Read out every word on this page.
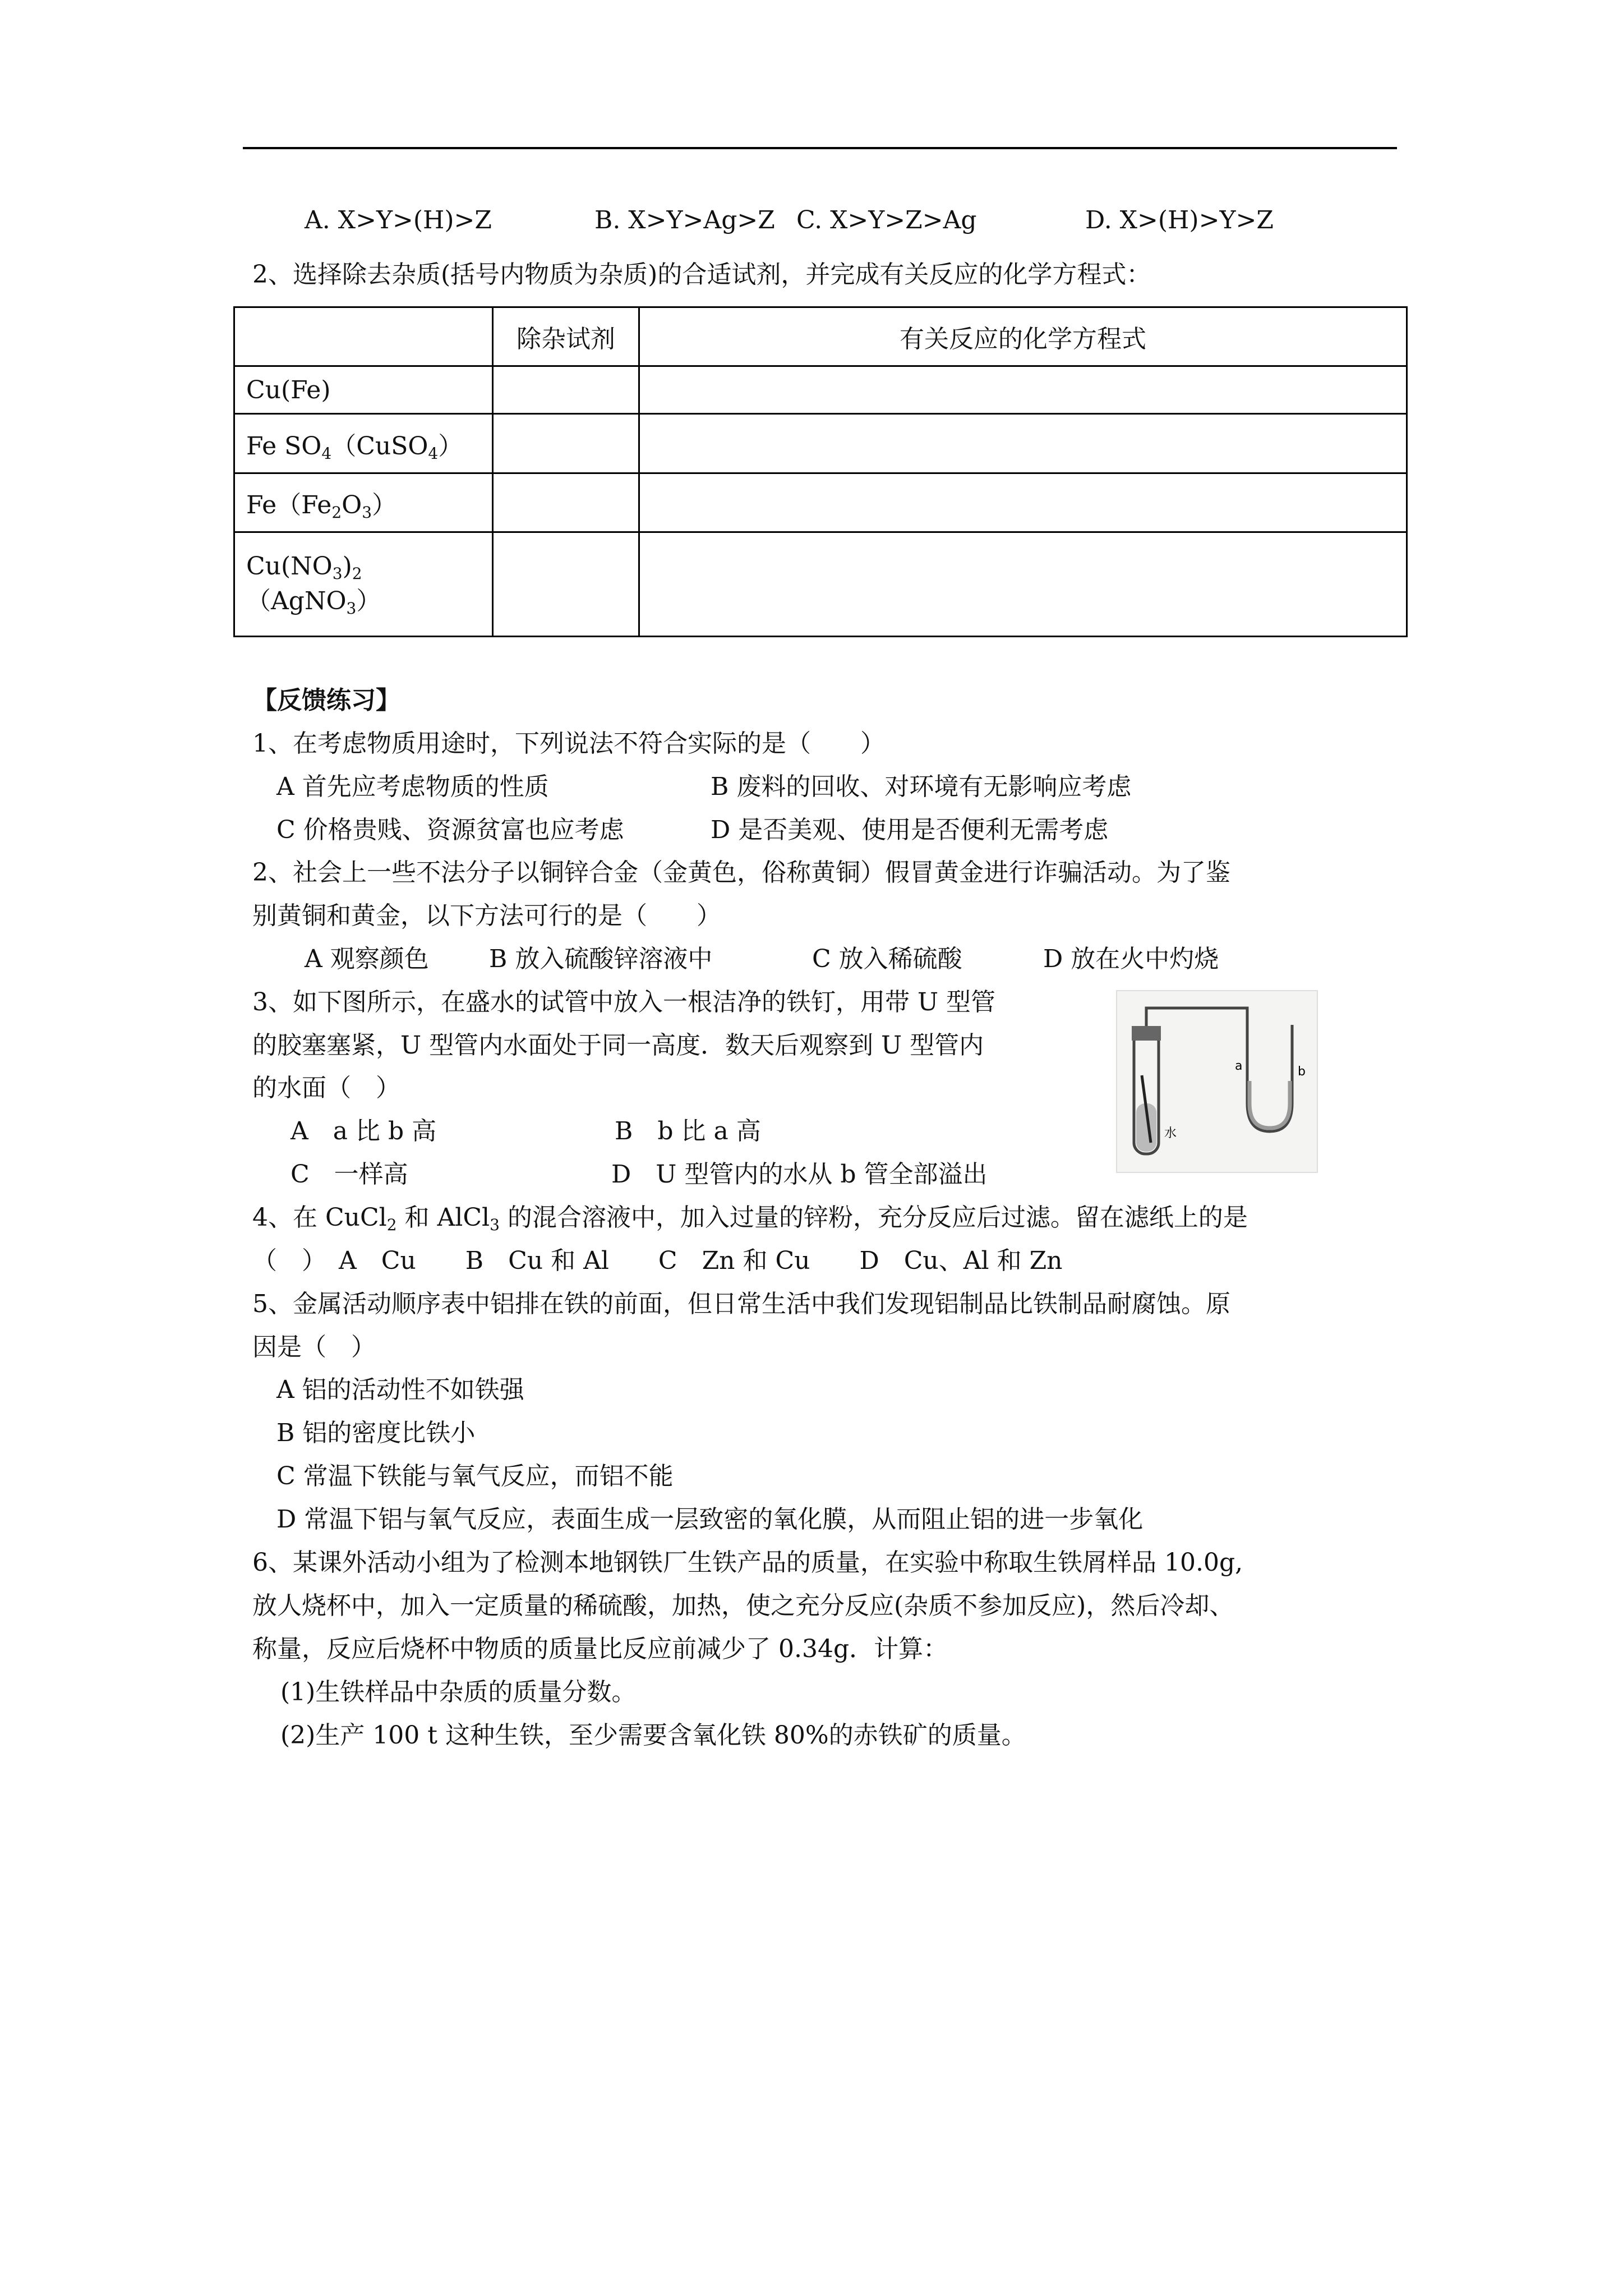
A. X>Y>(H)>Z	B. X>Y>Ag>Z C. X>Y>Z>Ag	D. X>(H)>Y>Z
2、选择除去杂质(括号内物质为杂质)的合适试剂，并完成有关反应的化学方程式：
	除杂试剂	有关反应的化学方程式
Cu(Fe)		
Fe $SO_4(CuSO_4)$		
$Fe(Fe_2O_3)$		
$Cu(NO_3)_2(AgNO_3)$		
【反馈练习】
1、在考虑物质用途时，下列说法不符合实际的是（　　）
A 首先应考虑物质的性质	B 废料的回收、对环境有无影响应考虑
C 价格贵贱、资源贫富也应考虑	D 是否美观、使用是否便利无需考虑
2、社会上一些不法分子以铜锌合金（金黄色，俗称黄铜）假冒黄金进行诈骗活动。为了鉴
别黄铜和黄金，以下方法可行的是（　　）
A 观察颜色 B 放入硫酸锌溶液中	C 放入稀硫酸	D 放在火中灼烧
3、如下图所示，在盛水的试管中放入一根洁净的铁钉，用带 U 型管
的胶塞塞紧，U 型管内水面处于同一高度．数天后观察到 U 型管内
的水面（　）
A　a 比 b 高	B　b 比 a 高
C　一样高	D　U 型管内的水从 b 管全部溢出
a	b
水
4、在 CuCl$_2$ 和 AlCl$_3$ 的混合溶液中，加入过量的锌粉，充分反应后过滤。留在滤纸上的是
（　）　A　Cu　　B　Cu 和 Al　　C　Zn 和 Cu　　D　Cu、Al 和 Zn
5、金属活动顺序表中铝排在铁的前面，但日常生活中我们发现铝制品比铁制品耐腐蚀。原
因是（　）
A 铝的活动性不如铁强
B 铝的密度比铁小
C 常温下铁能与氧气反应，而铝不能
D 常温下铝与氧气反应，表面生成一层致密的氧化膜，从而阻止铝的进一步氧化
6、某课外活动小组为了检测本地钢铁厂生铁产品的质量，在实验中称取生铁屑样品 10.0g,
放人烧杯中，加入一定质量的稀硫酸，加热，使之充分反应(杂质不参加反应)，然后冷却、
称量，反应后烧杯中物质的质量比反应前减少了 0.34g．计算：
(1)生铁样品中杂质的质量分数。
(2)生产 100 t 这种生铁，至少需要含氧化铁 80%的赤铁矿的质量。
